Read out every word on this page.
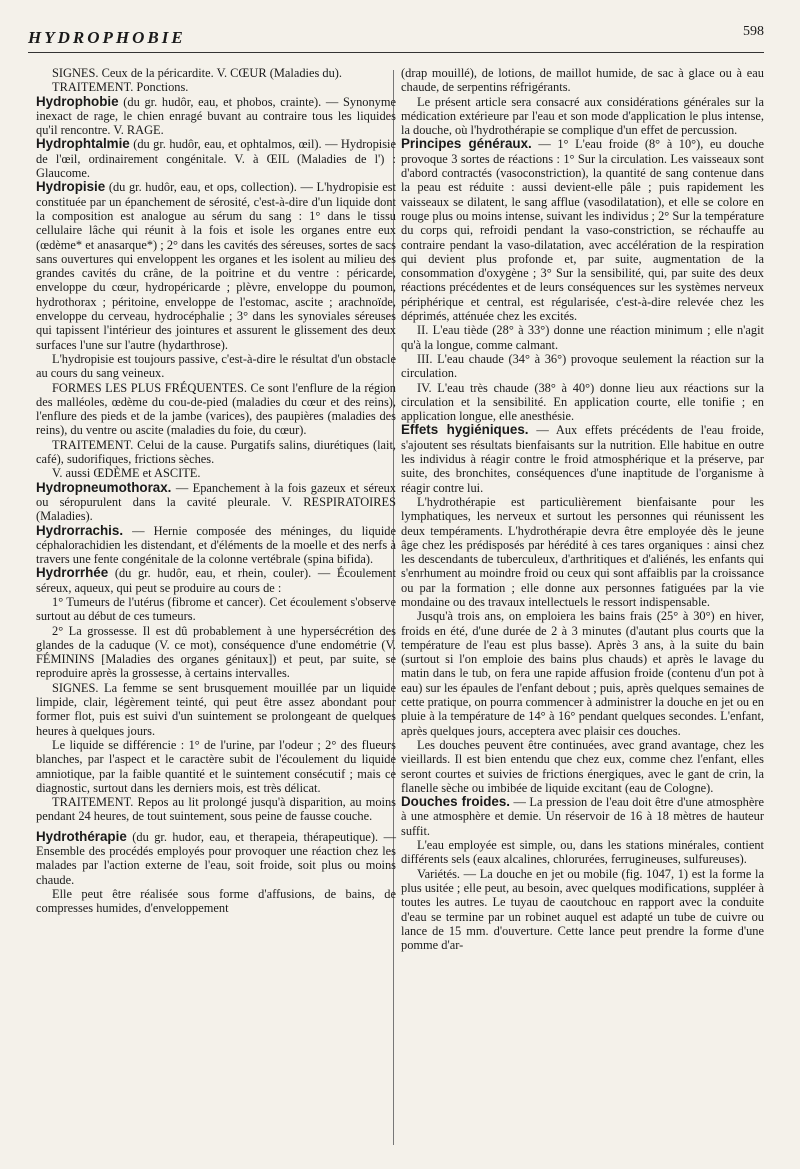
HYDROPHOBIE	598

SIGNES. Ceux de la péricardite. V. CŒUR (Maladies du).

TRAITEMENT. Ponctions.

Hydrophobie (du gr. hudôr, eau, et phobos, crainte). — Synonyme inexact de rage, le chien enragé buvant au contraire tous les liquides qu'il rencontre. V. RAGE.

Hydrophtalmie (du gr. hudôr, eau, et ophtalmos, œil). — Hydropisie de l'œil, ordinairement congénitale. V. à ŒIL (Maladies de l') : Glaucome.

Hydropisie (du gr. hudôr, eau, et ops, collection). — L'hydropisie est constituée par un épanchement de sérosité, c'est-à-dire d'un liquide dont la composition est analogue au sérum du sang : 1° dans le tissu cellulaire lâche qui réunit à la fois et isole les organes entre eux (œdème* et anasarque*) ; 2° dans les cavités des séreuses, sortes de sacs sans ouvertures qui enveloppent les organes et les isolent au milieu des grandes cavités du crâne, de la poitrine et du ventre : péricarde, enveloppe du cœur, hydropéricarde ; plèvre, enveloppe du poumon, hydrothorax ; péritoine, enveloppe de l'estomac, ascite ; arachnoïde, enveloppe du cerveau, hydrocéphalie ; 3° dans les synoviales séreuses qui tapissent l'intérieur des jointures et assurent le glissement des deux surfaces l'une sur l'autre (hydarthrose).

L'hydropisie est toujours passive, c'est-à-dire le résultat d'un obstacle au cours du sang veineux.

FORMES LES PLUS FRÉQUENTES. Ce sont l'enflure de la région des malléoles, œdème du cou-de-pied (maladies du cœur et des reins), l'enflure des pieds et de la jambe (varices), des paupières (maladies des reins), du ventre ou ascite (maladies du foie, du cœur).

TRAITEMENT. Celui de la cause. Purgatifs salins, diurétiques (lait, café), sudorifiques, frictions sèches.

V. aussi ŒDÈME et ASCITE.

Hydropneumothorax. — Epanchement à la fois gazeux et séreux ou séropurulent dans la cavité pleurale. V. RESPIRATOIRES (Maladies).

Hydrorrachis. — Hernie composée des méninges, du liquide céphalorachidien les distendant, et d'éléments de la moelle et des nerfs à travers une fente congénitale de la colonne vertébrale (spina bifida).

Hydrorrhée (du gr. hudôr, eau, et rhein, couler). — Écoulement séreux, aqueux, qui peut se produire au cours de :

1° Tumeurs de l'utérus (fibrome et cancer). Cet écoulement s'observe surtout au début de ces tumeurs.

2° La grossesse. Il est dû probablement à une hypersécrétion des glandes de la caduque (V. ce mot), conséquence d'une endométrie (V. FÉMININS [Maladies des organes génitaux]) et peut, par suite, se reproduire après la grossesse, à certains intervalles.

SIGNES. La femme se sent brusquement mouillée par un liquide limpide, clair, légèrement teinté, qui peut être assez abondant pour former flot, puis est suivi d'un suintement se prolongeant de quelques heures à quelques jours.

Le liquide se différencie : 1° de l'urine, par l'odeur ; 2° des flueurs blanches, par l'aspect et le caractère subit de l'écoulement du liquide amniotique, par la faible quantité et le suintement consécutif ; mais ce diagnostic, surtout dans les derniers mois, est très délicat.

TRAITEMENT. Repos au lit prolongé jusqu'à disparition, au moins pendant 24 heures, de tout suintement, sous peine de fausse couche.

Hydrothérapie (du gr. hudor, eau, et therapeia, thérapeutique). — Ensemble des procédés employés pour provoquer une réaction chez les malades par l'action externe de l'eau, soit froide, soit plus ou moins chaude.

Elle peut être réalisée sous forme d'affusions, de bains, de compresses humides, d'enveloppement

(drap mouillé), de lotions, de maillot humide, de sac à glace ou à eau chaude, de serpentins réfrigérants.

Le présent article sera consacré aux considérations générales sur la médication extérieure par l'eau et son mode d'application le plus intense, la douche, où l'hydrothérapie se complique d'un effet de percussion.

Principes généraux. — 1° L'eau froide (8° à 10°), eu douche provoque 3 sortes de réactions : 1° Sur la circulation. Les vaisseaux sont d'abord contractés (vasoconstriction), la quantité de sang contenue dans la peau est réduite : aussi devient-elle pâle ; puis rapidement les vaisseaux se dilatent, le sang afflue (vasodilatation), et elle se colore en rouge plus ou moins intense, suivant les individus ; 2° Sur la température du corps qui, refroidi pendant la vaso-constriction, se réchauffe au contraire pendant la vaso-dilatation, avec accélération de la respiration qui devient plus profonde et, par suite, augmentation de la consommation d'oxygène ; 3° Sur la sensibilité, qui, par suite des deux réactions précédentes et de leurs conséquences sur les systèmes nerveux périphérique et central, est régularisée, c'est-à-dire relevée chez les déprimés, atténuée chez les excités.

II. L'eau tiède (28° à 33°) donne une réaction minimum ; elle n'agit qu'à la longue, comme calmant.

III. L'eau chaude (34° à 36°) provoque seulement la réaction sur la circulation.

IV. L'eau très chaude (38° à 40°) donne lieu aux réactions sur la circulation et la sensibilité. En application courte, elle tonifie ; en application longue, elle anesthésie.

Effets hygiéniques. — Aux effets précédents de l'eau froide, s'ajoutent ses résultats bienfaisants sur la nutrition. Elle habitue en outre les individus à réagir contre le froid atmosphérique et la préserve, par suite, des bronchites, conséquences d'une inaptitude de l'organisme à réagir contre lui.

L'hydrothérapie est particulièrement bienfaisante pour les lymphatiques, les nerveux et surtout les personnes qui réunissent les deux tempéraments. L'hydrothérapie devra être employée dès le jeune âge chez les prédisposés par hérédité à ces tares organiques : ainsi chez les descendants de tuberculeux, d'arthritiques et d'aliénés, les enfants qui s'enrhument au moindre froid ou ceux qui sont affaiblis par la croissance ou par la formation ; elle donne aux personnes fatiguées par la vie mondaine ou des travaux intellectuels le ressort indispensable.

Jusqu'à trois ans, on emploiera les bains frais (25° à 30°) en hiver, froids en été, d'une durée de 2 à 3 minutes (d'autant plus courts que la température de l'eau est plus basse). Après 3 ans, à la suite du bain (surtout si l'on emploie des bains plus chauds) et après le lavage du matin dans le tub, on fera une rapide affusion froide (contenu d'un pot à eau) sur les épaules de l'enfant debout ; puis, après quelques semaines de cette pratique, on pourra commencer à administrer la douche en jet ou en pluie à la température de 14° à 16° pendant quelques secondes. L'enfant, après quelques jours, acceptera avec plaisir ces douches.

Les douches peuvent être continuées, avec grand avantage, chez les vieillards. Il est bien entendu que chez eux, comme chez l'enfant, elles seront courtes et suivies de frictions énergiques, avec le gant de crin, la flanelle sèche ou imbibée de liquide excitant (eau de Cologne).

Douches froides. — La pression de l'eau doit être d'une atmosphère à une atmosphère et demie. Un réservoir de 16 à 18 mètres de hauteur suffit.

L'eau employée est simple, ou, dans les stations minérales, contient différents sels (eaux alcalines, chlorurées, ferrugineuses, sulfureuses).

Variétés. — La douche en jet ou mobile (fig. 1047, 1) est la forme la plus usitée ; elle peut, au besoin, avec quelques modifications, suppléer à toutes les autres. Le tuyau de caoutchouc en rapport avec la conduite d'eau se termine par un robinet auquel est adapté un tube de cuivre ou lance de 15 mm. d'ouverture. Cette lance peut prendre la forme d'une pomme d'ar-
